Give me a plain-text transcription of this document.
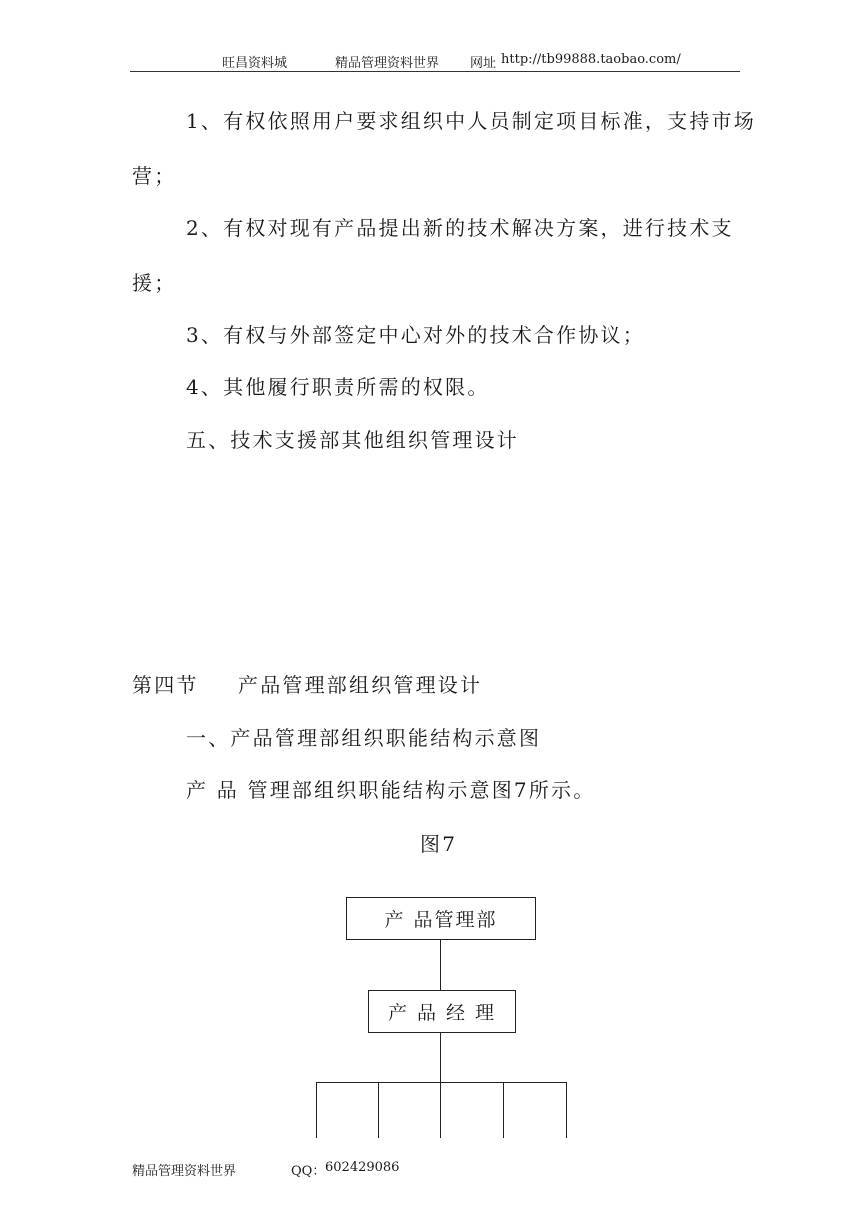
旺昌资料城	精品管理资料世界 网址 http://tb99888.taobao.com/
1、有权依照用户要求组织中人员制定项目标准，支持市场
营；
2、有权对现有产品提出新的技术解决方案，进行技术支
援；
3、有权与外部签定中心对外的技术合作协议；
4、其他履行职责所需的权限。
五、技术支援部其他组织管理设计
第四节 产品管理部组织管理设计
一、产品管理部组织职能结构示意图
产 品 管理部组织职能结构示意图7所示。
图7
产 品管理部
产 品 经 理
精品管理资料世界	QQ： 602429086
